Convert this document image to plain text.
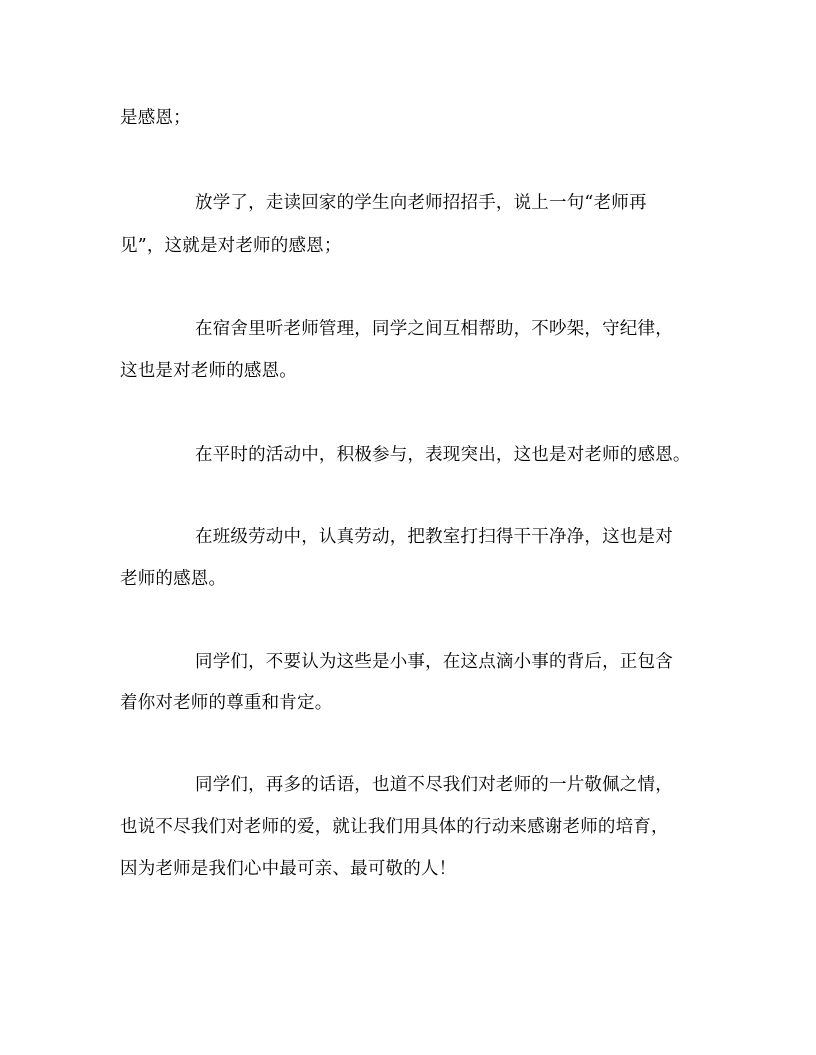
是感恩；
放学了，走读回家的学生向老师招招手，说上一句“老师再
见”，这就是对老师的感恩；
在宿舍里听老师管理，同学之间互相帮助，不吵架，守纪律，
这也是对老师的感恩。
在平时的活动中，积极参与，表现突出，这也是对老师的感恩。
在班级劳动中，认真劳动，把教室打扫得干干净净，这也是对
老师的感恩。
同学们，不要认为这些是小事，在这点滴小事的背后，正包含
着你对老师的尊重和肯定。
同学们，再多的话语，也道不尽我们对老师的一片敬佩之情，
也说不尽我们对老师的爱，就让我们用具体的行动来感谢老师的培育，
因为老师是我们心中最可亲、最可敬的人！
